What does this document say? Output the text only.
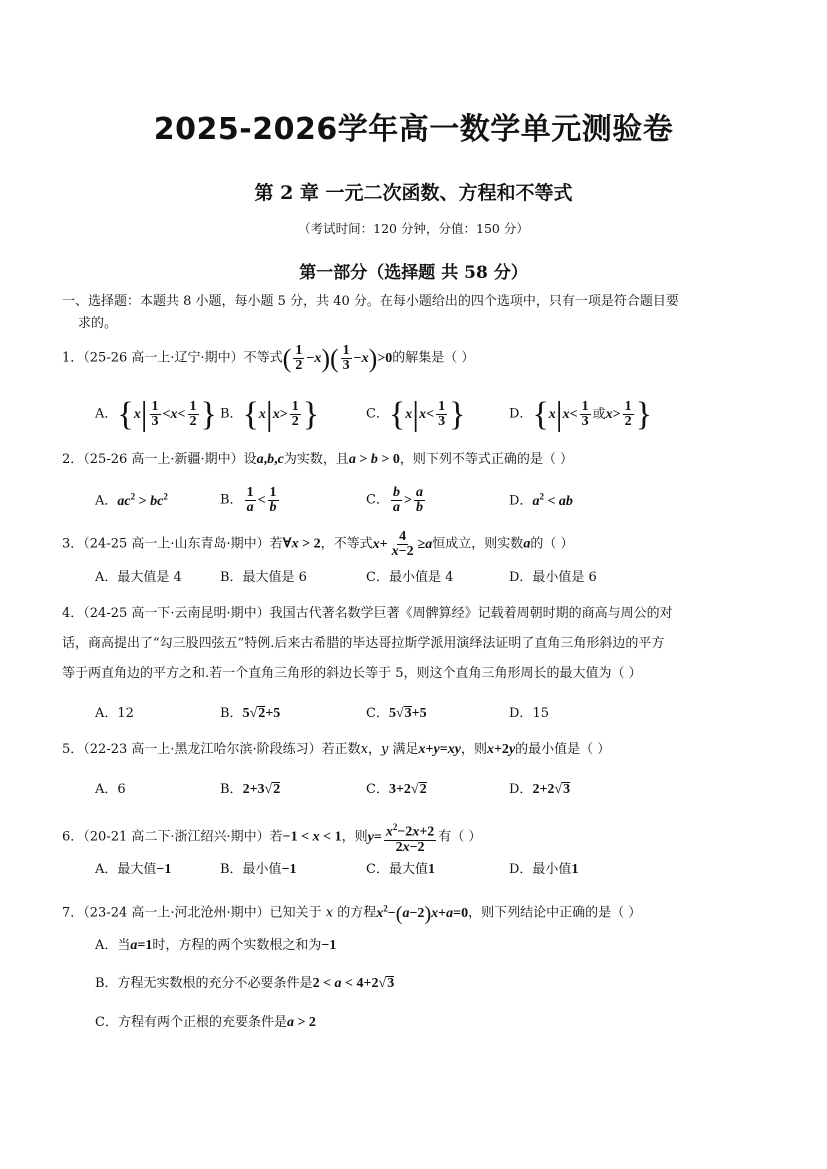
2025-2026学年高一数学单元测验卷
第 2 章 一元二次函数、方程和不等式
（考试时间：120 分钟，分值：150 分）
第一部分（选择题 共 58 分）
一、选择题：本题共 8 小题，每小题 5 分，共 40 分。在每小题给出的四个选项中，只有一项是符合题目要
求的。
1．（25-26 高一上·辽宁·期中）不等式( $\frac{1}{2} -x)( \frac{1}{3} -x)>0$的解集是（ ）
A．{$x| \frac{1}{3} <x< \frac{1}{2}$ } B．{$x|x> \frac{1}{2}$ }	C．{$x|x< \frac{1}{3}$ }	D．{$x|x< \frac{1}{3}$ 或$x> \frac{1}{2}$ }
2．（25-26 高一上·新疆·期中）设a,b,c为实数，且a > b > 0，则下列不等式正确的是（ ）
A．$ac^2 > bc^2$	B． $\frac{1}{a} < \frac{1}{b}$	C． $\frac{b}{a} > \frac{a}{b}$	D．$a^2$ < ab
3．（24-25 高一上·山东青岛·期中）若∀x > 2，不等式$x+ \frac{4}{x-2} \ge a$恒成立，则实数a的（ ）
A．最大值是 4	B．最大值是 6	C．最小值是 4	D．最小值是 6
4．（24-25 高一下·云南昆明·期中）我国古代著名数学巨著《周髀算经》记载着周朝时期的商高与周公的对
话，商高提出了“勾三股四弦五”特例.后来古希腊的毕达哥拉斯学派用演绎法证明了直角三角形斜边的平方
等于两直角边的平方之和.若一个直角三角形的斜边长等于 5，则这个直角三角形周长的最大值为（ ）
A．12	B．5√2+5	C．5√3+5	D．15
5．（22-23 高一上·黑龙江哈尔滨·阶段练习）若正数x，y 满足x+y=xy，则x+2y的最小值是（ ）
A．6	B．2+3√2	C．3+2√2	D．2+2√3
6．（20-21 高二下·浙江绍兴·期中）若−1 < x < 1，则$y= \frac{x^2-2x+2}{2x-2}$ 有（ ）
A．最大值−1	B．最小值−1	C．最大值1	D．最小值1
7．（23-24 高一上·河北沧州·期中）已知关于 x 的方程$x^2-(a-2)x+a=0$，则下列结论中正确的是（ ）
A．当a=1时，方程的两个实数根之和为−1
B．方程无实数根的充分不必要条件是2 < a < 4+2√3
C．方程有两个正根的充要条件是a > 2
